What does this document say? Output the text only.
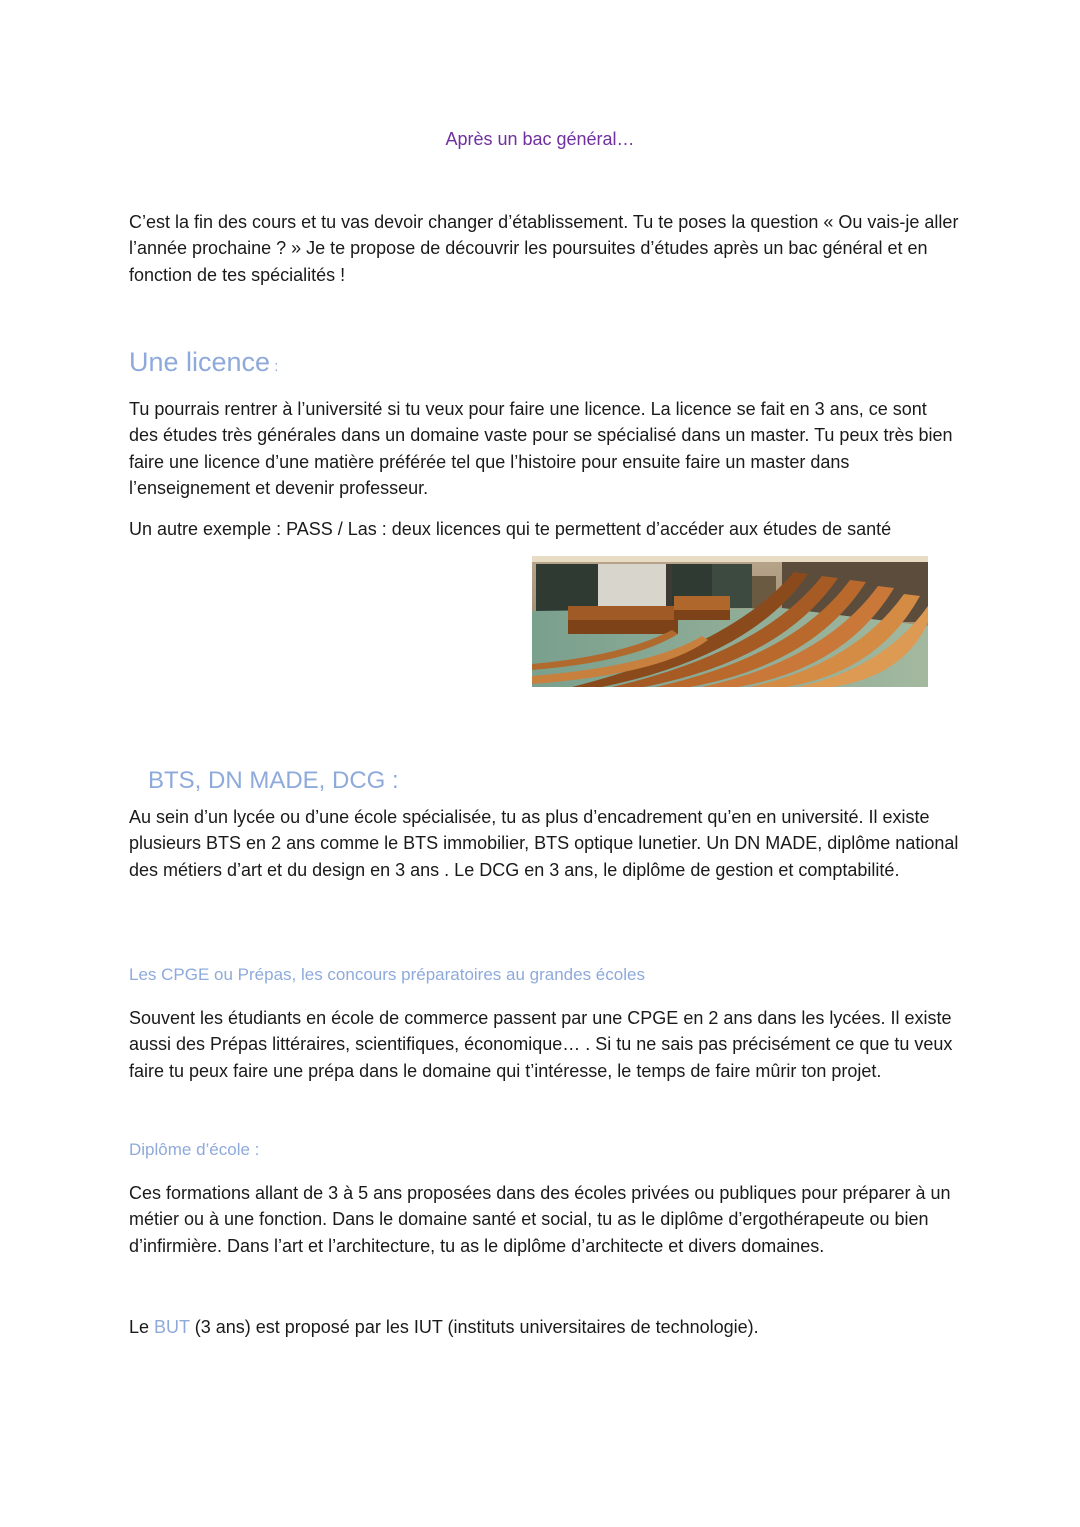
Après un bac général…

C’est la fin des cours et tu vas devoir changer d’établissement. Tu te poses la question « Ou vais-je aller l’année prochaine ? » Je te propose de découvrir les poursuites d’études après un bac général et en fonction de tes spécialités !

Une licence :

Tu pourrais rentrer à l’université si tu veux pour faire une licence. La licence se fait en 3 ans, ce sont des études très générales dans un domaine vaste pour se spécialisé dans un master. Tu peux très bien faire une licence d’une matière préférée tel que l’histoire pour ensuite faire un master dans l’enseignement et devenir professeur.

Un autre exemple : PASS / Las : deux licences qui te permettent d’accéder aux études de santé

BTS, DN MADE, DCG :

Au sein d’un lycée ou d’une école spécialisée, tu as plus d’encadrement qu’en en université. Il existe plusieurs BTS en 2 ans comme le BTS immobilier, BTS optique lunetier. Un DN MADE, diplôme national des métiers d’art et du design en 3 ans . Le DCG en 3 ans, le diplôme de gestion et comptabilité.

Les CPGE ou Prépas, les concours préparatoires au grandes écoles

Souvent les étudiants en école de commerce passent par une CPGE en 2 ans dans les lycées. Il existe aussi des Prépas littéraires, scientifiques, économique… . Si tu ne sais pas précisément ce que tu veux faire tu peux faire une prépa dans le domaine qui t’intéresse, le temps de faire mûrir ton projet.

Diplôme d’école :

Ces formations allant de 3 à 5 ans proposées dans des écoles privées ou publiques pour préparer à un métier ou à une fonction. Dans le domaine santé et social, tu as le diplôme d’ergothérapeute ou bien d’infirmière. Dans l’art et l’architecture, tu as le diplôme d’architecte et divers domaines.

Le BUT (3 ans) est proposé par les IUT (instituts universitaires de technologie).
